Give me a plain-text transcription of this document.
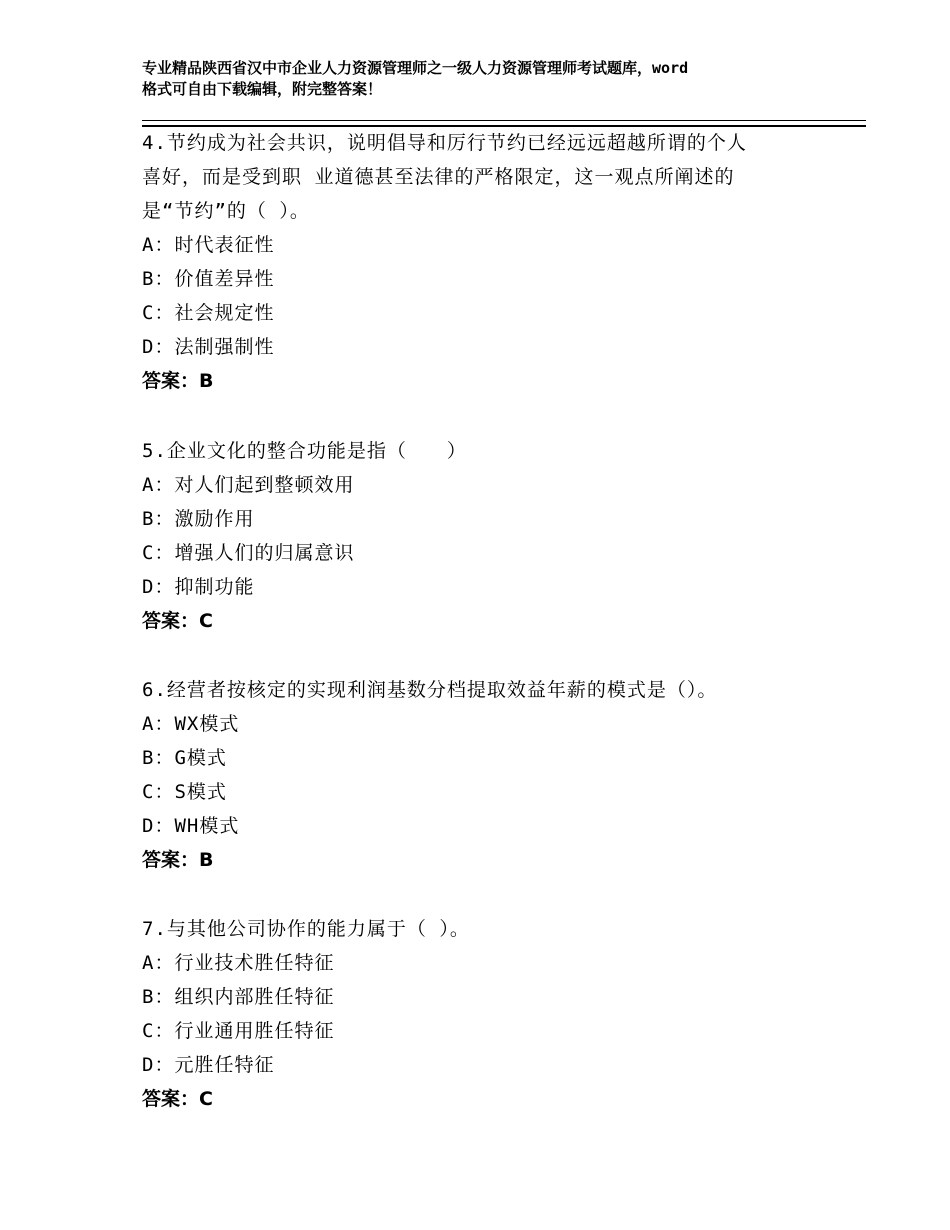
专业精品陕西省汉中市企业人力资源管理师之一级人力资源管理师考试题库，word
格式可自由下载编辑，附完整答案！
4.节约成为社会共识，说明倡导和厉行节约已经远远超越所谓的个人
喜好，而是受到职 业道德甚至法律的严格限定，这一观点所阐述的
是“节约”的（ ）。
A：时代表征性
B：价值差异性
C：社会规定性
D：法制强制性
答案：B
5.企业文化的整合功能是指（　　）
A：对人们起到整顿效用
B：激励作用
C：增强人们的归属意识
D：抑制功能
答案：C
6.经营者按核定的实现利润基数分档提取效益年薪的模式是（）。
A：WX模式
B：G模式
C：S模式
D：WH模式
答案：B
7.与其他公司协作的能力属于（ ）。
A：行业技术胜任特征
B：组织内部胜任特征
C：行业通用胜任特征
D：元胜任特征
答案：C
